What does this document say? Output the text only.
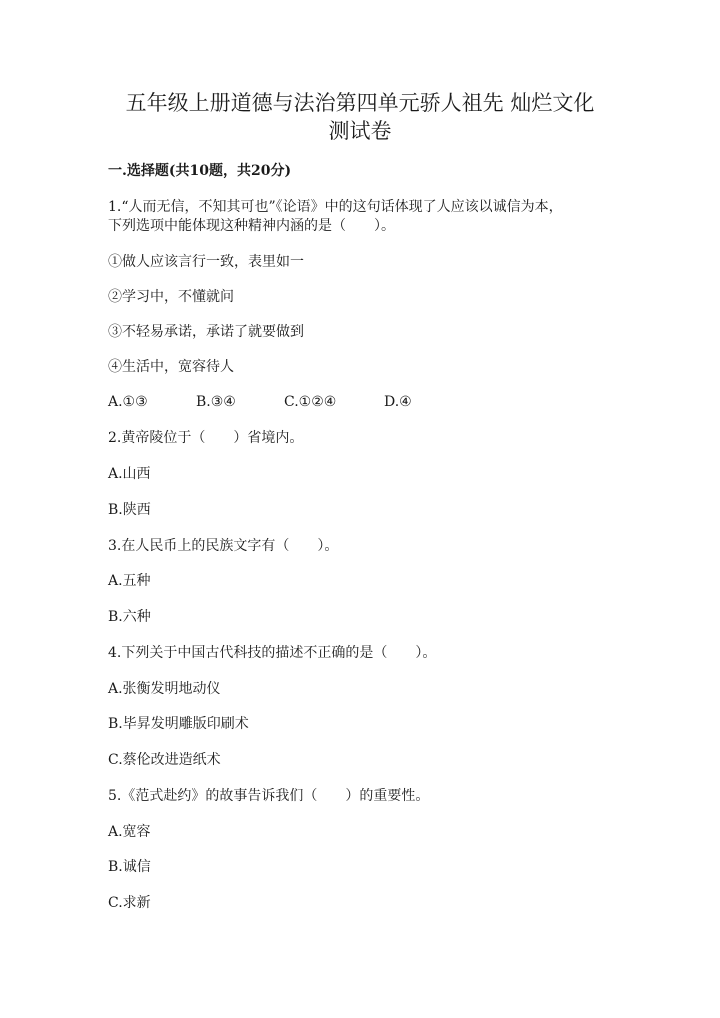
五年级上册道德与法治第四单元骄人祖先 灿烂文化
测试卷
一.选择题(共10题，共20分)
1.“人而无信，不知其可也”《论语》中的这句话体现了人应该以诚信为本，
下列选项中能体现这种精神内涵的是（　　）。
①做人应该言行一致，表里如一
②学习中，不懂就问
③不轻易承诺，承诺了就要做到
④生活中，宽容待人
A.①③	B.③④	C.①②④	D.④
2.黄帝陵位于（　　）省境内。
A.山西
B.陕西
3.在人民币上的民族文字有（　　）。
A.五种
B.六种
4.下列关于中国古代科技的描述不正确的是（　　）。
A.张衡发明地动仪
B.毕昇发明雕版印刷术
C.蔡伦改进造纸术
5.《范式赴约》的故事告诉我们（　　）的重要性。
A.宽容
B.诚信
C.求新
